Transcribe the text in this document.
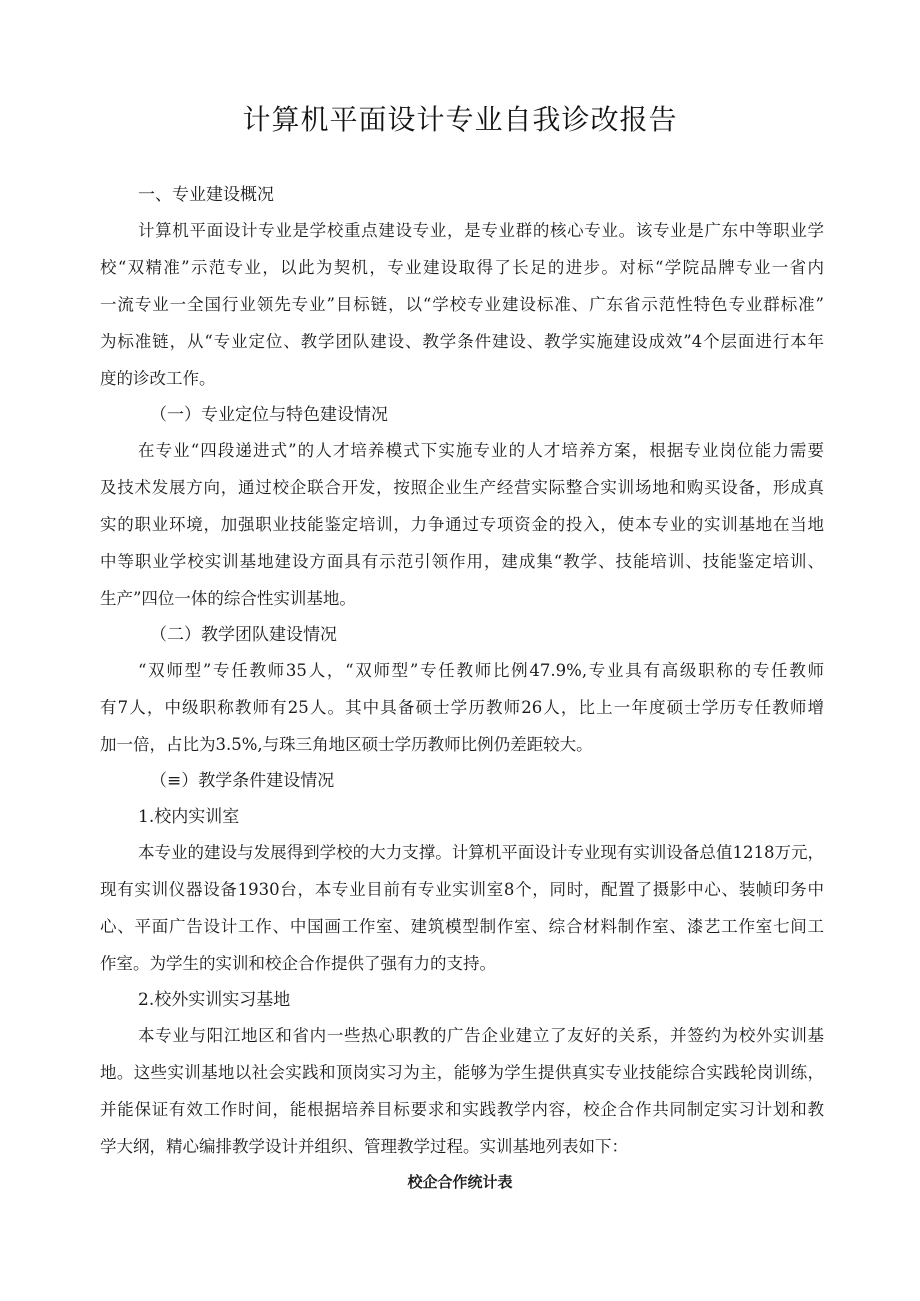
计算机平面设计专业自我诊改报告
一、专业建设概况
计算机平面设计专业是学校重点建设专业，是专业群的核心专业。该专业是广东中等职业学
校“双精准”示范专业，以此为契机，专业建设取得了长足的进步。对标“学院品牌专业一省内
一流专业一全国行业领先专业”目标链，以“学校专业建设标准、广东省示范性特色专业群标准”
为标准链，从“专业定位、教学团队建设、教学条件建设、教学实施建设成效”4个层面进行本年
度的诊改工作。
（一）专业定位与特色建设情况
在专业“四段递进式”的人才培养模式下实施专业的人才培养方案，根据专业岗位能力需要
及技术发展方向，通过校企联合开发，按照企业生产经营实际整合实训场地和购买设备，形成真
实的职业环境，加强职业技能鉴定培训，力争通过专项资金的投入，使本专业的实训基地在当地
中等职业学校实训基地建设方面具有示范引领作用，建成集“教学、技能培训、技能鉴定培训、
生产”四位一体的综合性实训基地。
（二）教学团队建设情况
“双师型”专任教师35人，“双师型”专任教师比例47.9%,专业具有高级职称的专任教师
有7人，中级职称教师有25人。其中具备硕士学历教师26人，比上一年度硕士学历专任教师增
加一倍，占比为3.5%,与珠三角地区硕士学历教师比例仍差距较大。
（≡）教学条件建设情况
1.校内实训室
本专业的建设与发展得到学校的大力支撑。计算机平面设计专业现有实训设备总值1218万元，
现有实训仪器设备1930台，本专业目前有专业实训室8个，同时，配置了摄影中心、装帧印务中
心、平面广告设计工作、中国画工作室、建筑模型制作室、综合材料制作室、漆艺工作室七间工
作室。为学生的实训和校企合作提供了强有力的支持。
2.校外实训实习基地
本专业与阳江地区和省内一些热心职教的广告企业建立了友好的关系，并签约为校外实训基
地。这些实训基地以社会实践和顶岗实习为主，能够为学生提供真实专业技能综合实践轮岗训练，
并能保证有效工作时间，能根据培养目标要求和实践教学内容，校企合作共同制定实习计划和教
学大纲，精心编排教学设计并组织、管理教学过程。实训基地列表如下：
校企合作统计表
